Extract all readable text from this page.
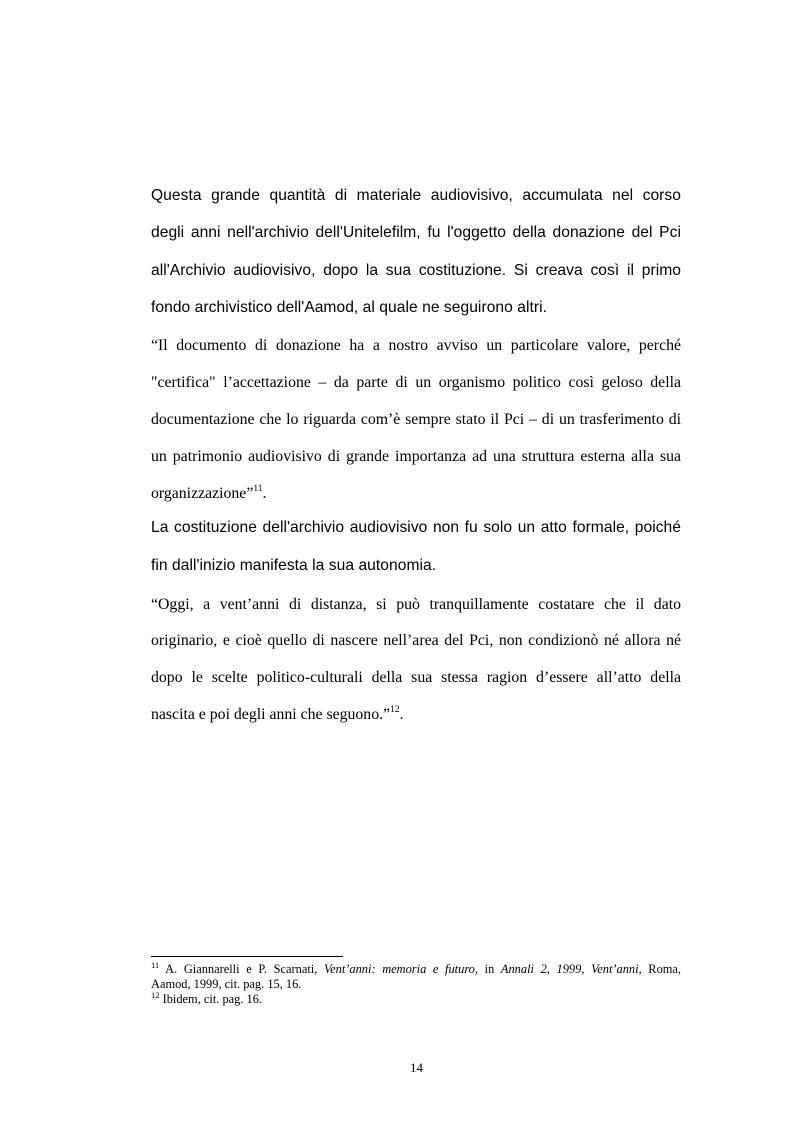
Questa grande quantità di materiale audiovisivo, accumulata nel corso
degli anni nell'archivio dell'Unitelefilm, fu l'oggetto della donazione del Pci
all'Archivio audiovisivo, dopo la sua costituzione. Si creava così il primo
fondo archivistico dell'Aamod, al quale ne seguirono altri.
“Il documento di donazione ha a nostro avviso un particolare valore, perché
"certifica" l’accettazione – da parte di un organismo politico così geloso della
documentazione che lo riguarda com’è sempre stato il Pci – di un trasferimento di
un patrimonio audiovisivo di grande importanza ad una struttura esterna alla sua
organizzazione”$^{11}$.
La costituzione dell'archivio audiovisivo non fu solo un atto formale, poiché
fin dall'inizio manifesta la sua autonomia.
“Oggi, a vent’anni di distanza, si può tranquillamente costatare che il dato
originario, e cioè quello di nascere nell’area del Pci, non condizionò né allora né
dopo le scelte politico-culturali della sua stessa ragion d’essere all’atto della
nascita e poi degli anni che seguono.”$^{12}$.
$^{11}$ A. Giannarelli e P. Scarnati, Vent’anni: memoria e futuro, in Annali 2, 1999, Vent’anni, Roma,
Aamod, 1999, cit. pag. 15, 16.
$^{12}$ Ibidem, cit. pag. 16.
14
